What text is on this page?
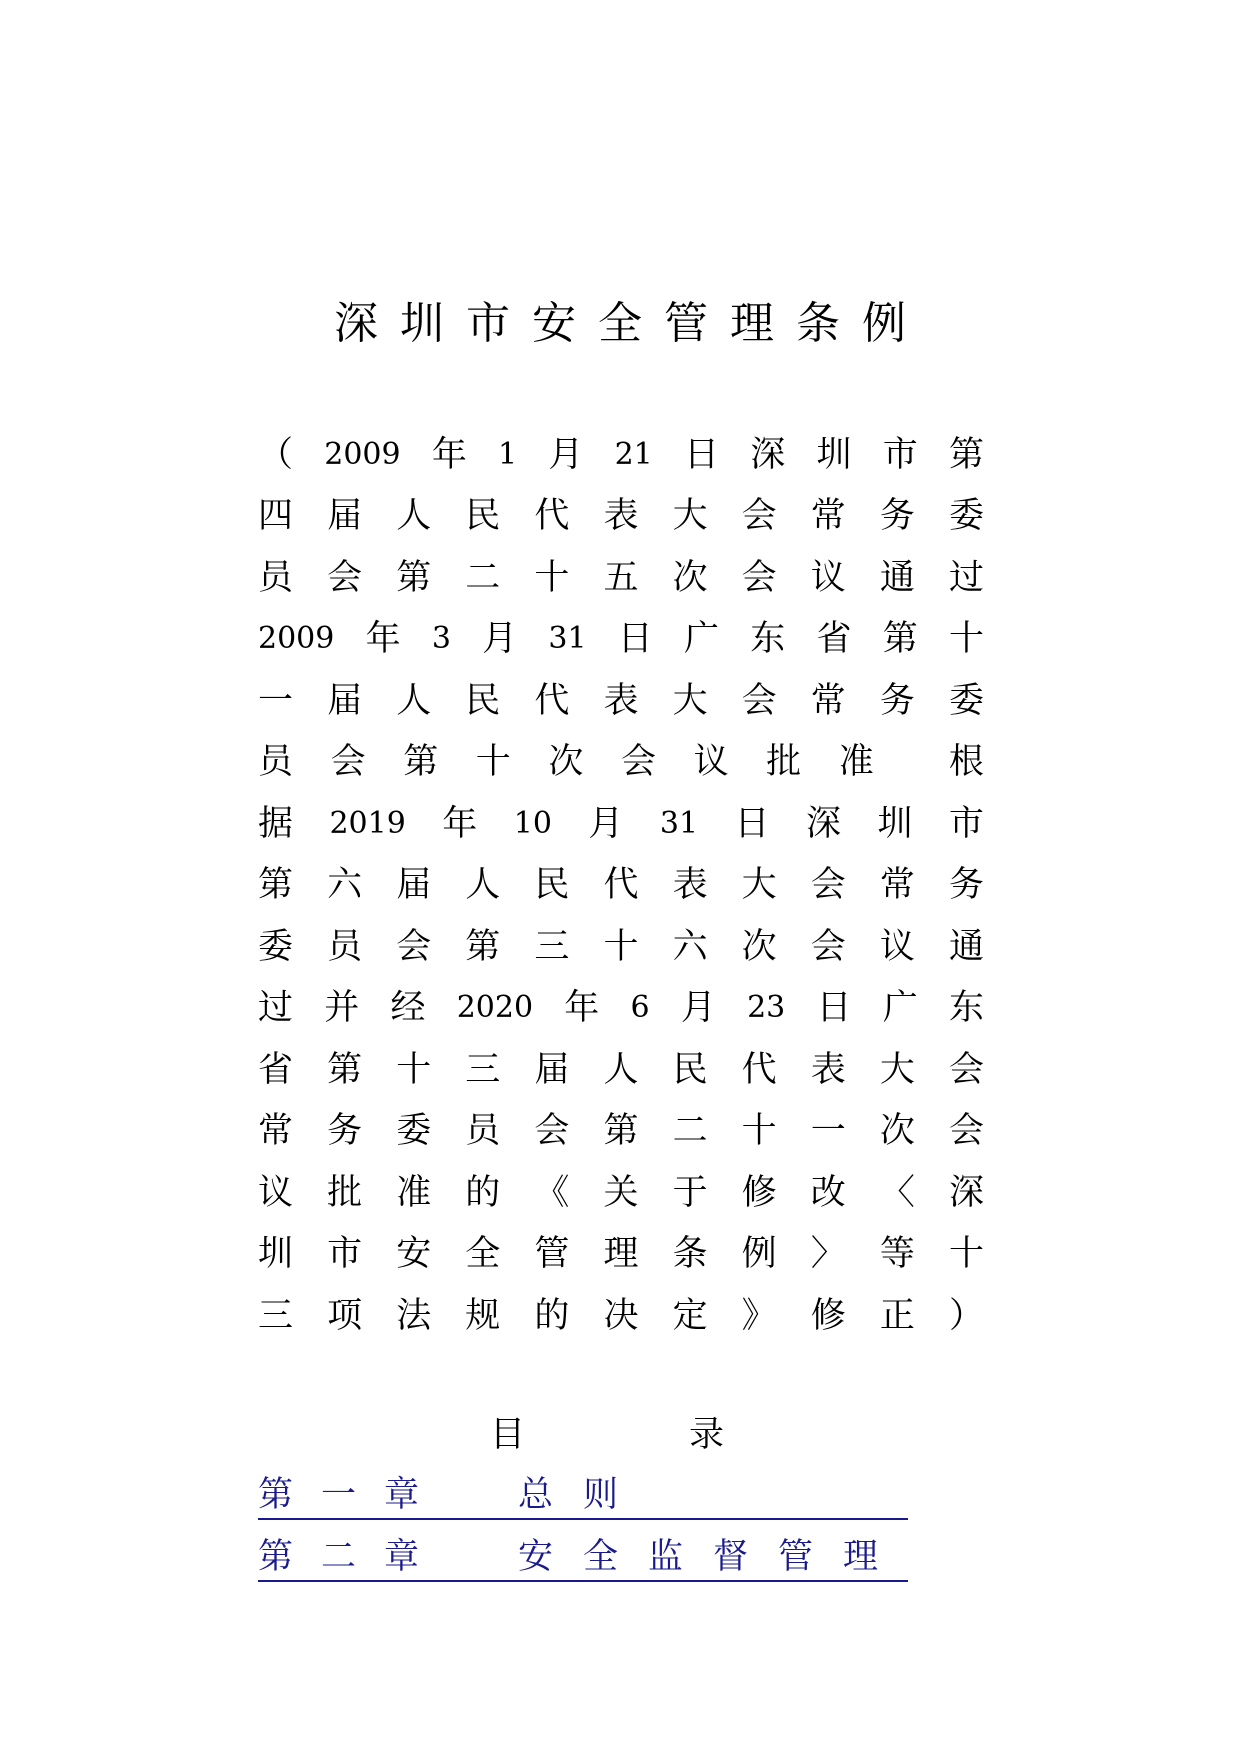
深圳市安全管理条例
（ 2009 年 1 月 21 日 深 圳 市 第
四 届 人 民 代 表 大 会 常 务 委
员 会 第 二 十 五 次 会 议 通 过
2009 年 3 月 31 日 广 东 省 第 十
一 届 人 民 代 表 大 会 常 务 委
员 会 第 十 次 会 议 批 准 根
据 2019 年 10 月 31 日 深 圳 市
第 六 届 人 民 代 表 大 会 常 务
委 员 会 第 三 十 六 次 会 议 通
过 并 经 2020 年 6 月 23 日 广 东
省 第 十 三 届 人 民 代 表 大 会
常 务 委 员 会 第 二 十 一 次 会
议 批 准 的 《 关 于 修 改 〈 深
圳 市 安 全 管 理 条 例 〉 等 十
三 项 法 规 的 决 定 》 修 正 ）
目	录
第一章 总则
第二章 安全监督管理
